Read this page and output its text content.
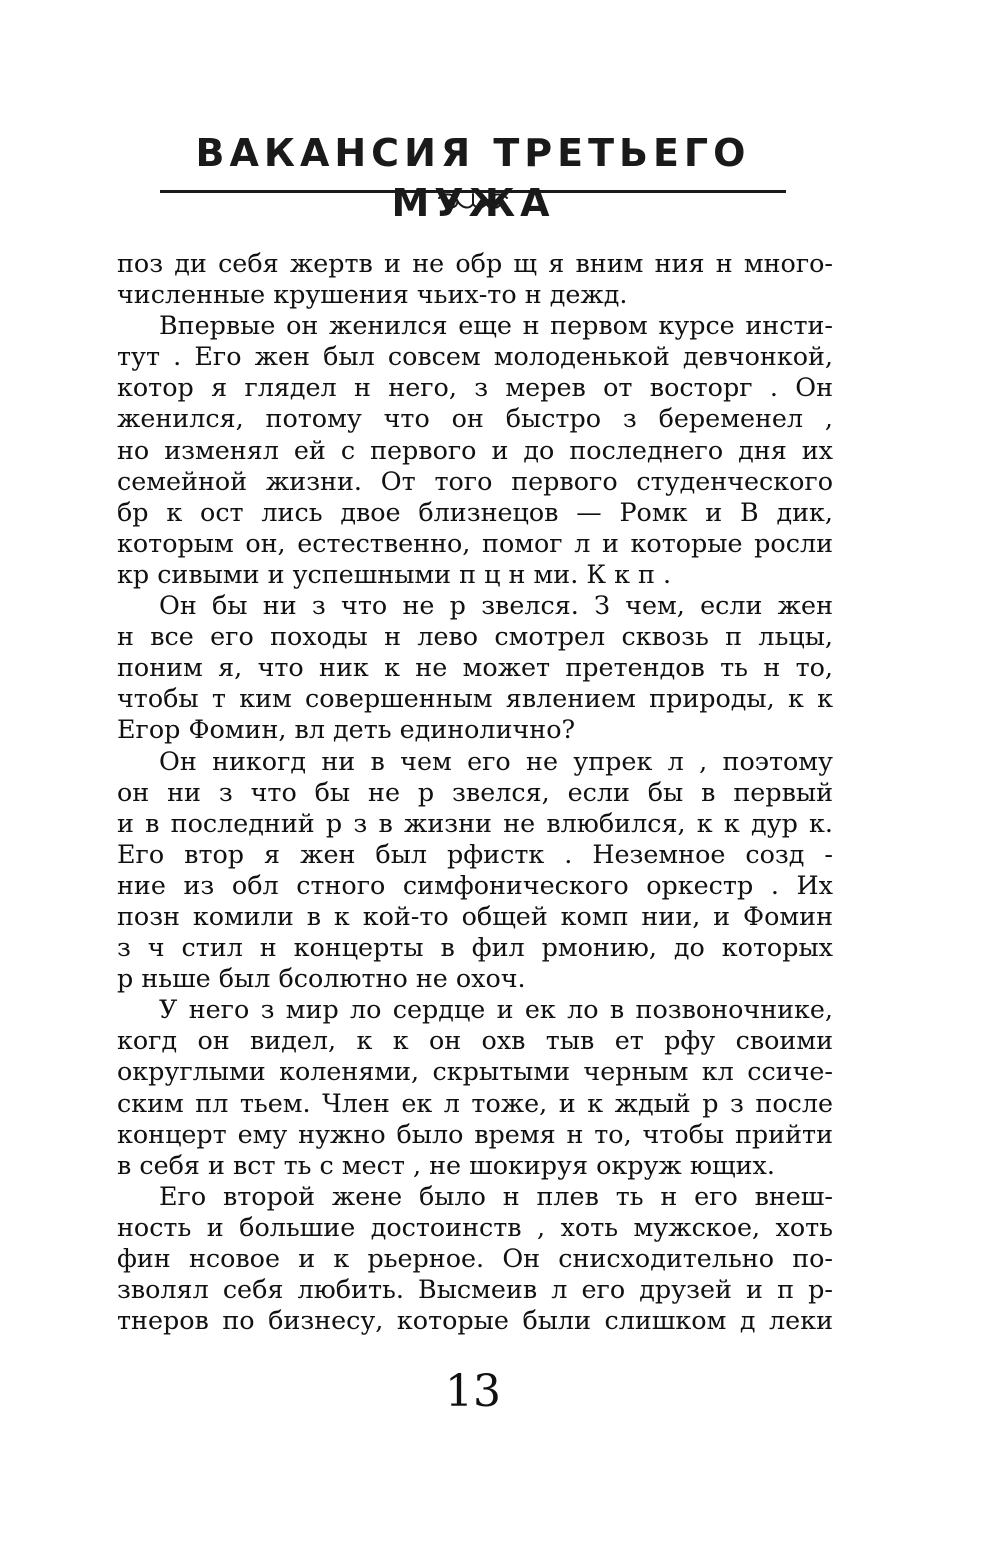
ВАКАНСИЯ ТРЕТЬЕГО МУЖА

поз ди себя жертв и не обр щ я вним ния н много-

численные крушения чьих-то н дежд.

Впервые он женился еще н первом курсе инсти-

тут . Его жен был совсем молоденькой девчонкой,

котор я глядел н него, з мерев от восторг . Он

женился, потому что он быстро з беременел ,

но изменял ей с первого и до последнего дня их

семейной жизни. От того первого студенческого

бр к ост лись двое близнецов — Ромк и В дик,

которым он, естественно, помог л и которые росли

кр сивыми и успешными п ц н ми. К к п .

Он бы ни з что не р звелся. З чем, если жен

н все его походы н лево смотрел сквозь п льцы,

поним я, что ник к не может претендов ть н то,

чтобы т ким совершенным явлением природы, к к

Егор Фомин, вл деть единолично?

Он никогд ни в чем его не упрек л , поэтому

он ни з что бы не р звелся, если бы в первый

и в последний р з в жизни не влюбился, к к дур к.

Его втор я жен был рфистк . Неземное созд -

ние из обл стного симфонического оркестр . Их

позн комили в к кой-то общей комп нии, и Фомин

з ч стил н концерты в фил рмонию, до которых

р ньше был бсолютно не охоч.

У него з мир ло сердце и ек ло в позвоночнике,

когд он видел, к к он охв тыв ет рфу своими

округлыми коленями, скрытыми черным кл ссиче-

ским пл тьем. Член ек л тоже, и к ждый р з после

концерт ему нужно было время н то, чтобы прийти

в себя и вст ть с мест , не шокируя окруж ющих.

Его второй жене было н плев ть н его внеш-

ность и большие достоинств , хоть мужское, хоть

фин нсовое и к рьерное. Он снисходительно по-

зволял себя любить. Высмеив л его друзей и п р-

тнеров по бизнесу, которые были слишком д леки

13
